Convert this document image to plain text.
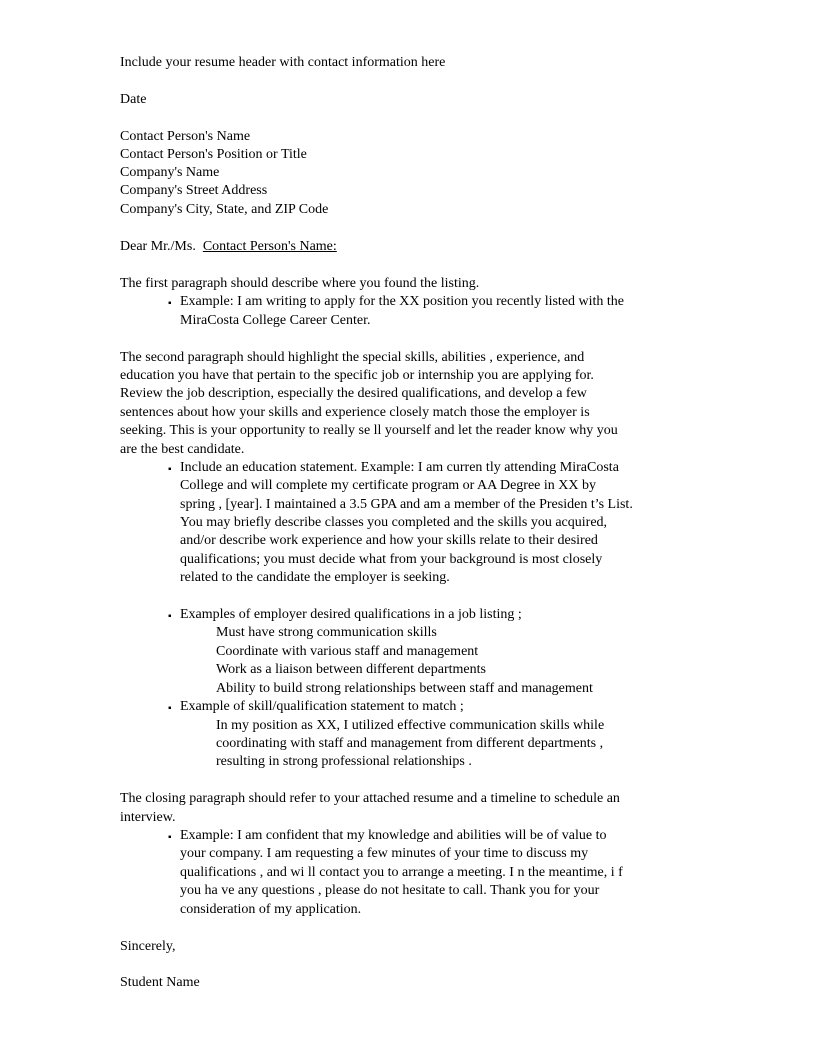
Include your resume header with contact information here
Date
Contact Person's Name
Contact Person's Position or Title
Company's Name
Company's Street Address
Company's City, State, and ZIP Code
Dear Mr./Ms. Contact Person's Name:
The first paragraph should describe where you found the listing.
▪ Example: I am writing to apply for the XX position you recently listed with the
MiraCosta College Career Center.
The second paragraph should highlight the special skills, abilities , experience, and
education you have that pertain to the specific job or internship you are applying for.
Review the job description, especially the desired qualifications, and develop a few
sentences about how your skills and experience closely match those the employer is
seeking. This is your opportunity to really se ll yourself and let the reader know why you
are the best candidate.
▪ Include an education statement. Example: I am curren tly attending MiraCosta
College and will complete my certificate program or AA Degree in XX by
spring , [year]. I maintained a 3.5 GPA and am a member of the Presiden t’s List.
You may briefly describe classes you completed and the skills you acquired,
and/or describe work experience and how your skills relate to their desired
qualifications; you must decide what from your background is most closely
related to the candidate the employer is seeking.
▪ Examples of employer desired qualifications in a job listing ;
Must have strong communication skills
Coordinate with various staff and management
Work as a liaison between different departments
Ability to build strong relationships between staff and management
▪ Example of skill/qualification statement to match ;
In my position as XX, I utilized effective communication skills while
coordinating with staff and management from different departments ,
resulting in strong professional relationships .
The closing paragraph should refer to your attached resume and a timeline to schedule an
interview.
▪ Example: I am confident that my knowledge and abilities will be of value to
your company. I am requesting a few minutes of your time to discuss my
qualifications , and wi ll contact you to arrange a meeting. I n the meantime, i f
you ha ve any questions , please do not hesitate to call. Thank you for your
consideration of my application.
Sincerely,
Student Name
